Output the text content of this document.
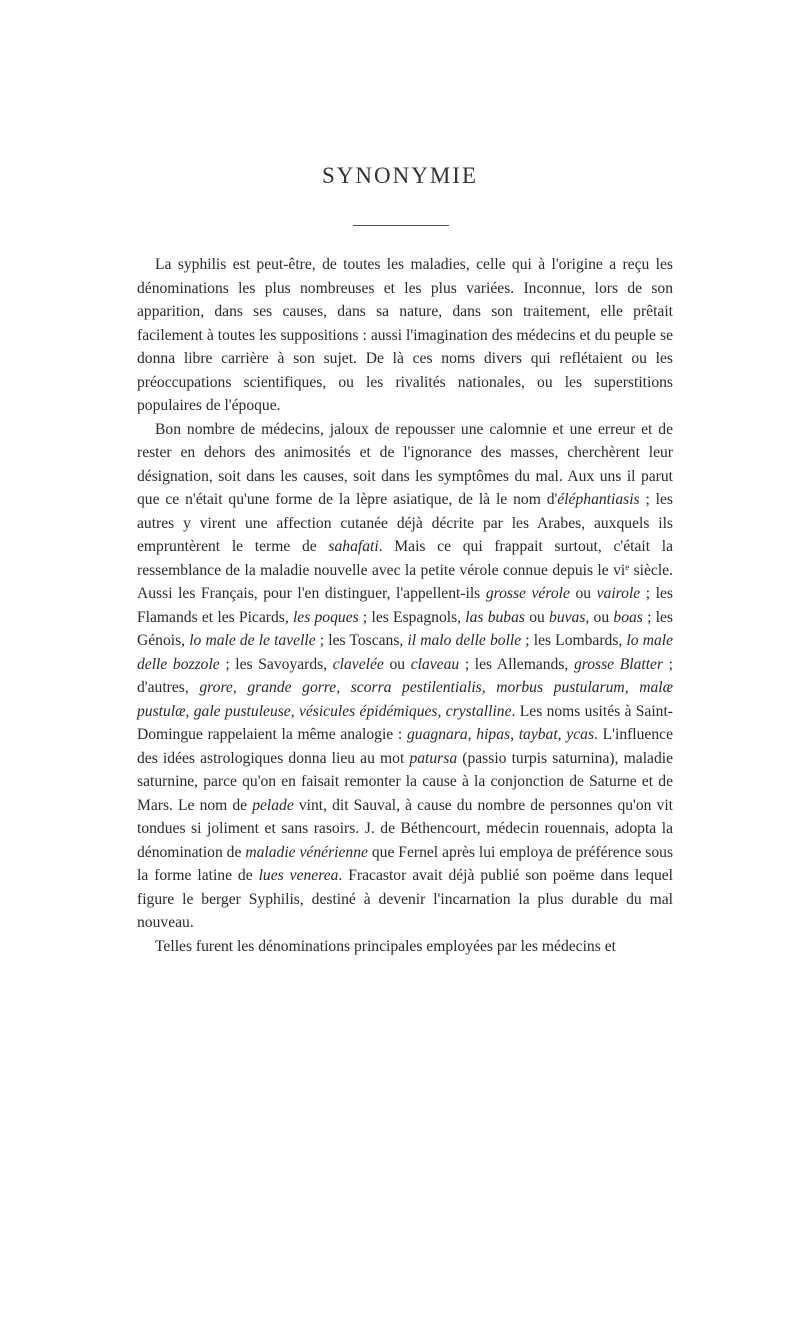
SYNONYMIE

La syphilis est peut-être, de toutes les maladies, celle qui à l'origine a reçu les dénominations les plus nombreuses et les plus variées. Inconnue, lors de son apparition, dans ses causes, dans sa nature, dans son traitement, elle prêtait facilement à toutes les suppositions : aussi l'imagination des médecins et du peuple se donna libre carrière à son sujet. De là ces noms divers qui reflétaient ou les préoccupations scientifiques, ou les rivalités nationales, ou les superstitions populaires de l'époque.

Bon nombre de médecins, jaloux de repousser une calomnie et une erreur et de rester en dehors des animosités et de l'ignorance des masses, cherchèrent leur désignation, soit dans les causes, soit dans les symptômes du mal. Aux uns il parut que ce n'était qu'une forme de la lèpre asiatique, de là le nom d'éléphantiasis ; les autres y virent une affection cutanée déjà décrite par les Arabes, auxquels ils empruntèrent le terme de sahafati. Mais ce qui frappait surtout, c'était la ressemblance de la maladie nouvelle avec la petite vérole connue depuis le $vi^e$ siècle. Aussi les Français, pour l'en distinguer, l'appellent-ils grosse vérole ou vairole ; les Flamands et les Picards, les poques ; les Espagnols, las bubas ou buvas, ou boas ; les Génois, lo male de le tavelle ; les Toscans, il malo delle bolle ; les Lombards, lo male delle bozzole ; les Savoyards, clavelée ou claveau ; les Allemands, grosse Blatter ; d'autres, grore, grande gorre, scorra pestilentialis, morbus pustularum, malæ pustulæ, gale pustuleuse, vésicules épidémiques, crystalline. Les noms usités à Saint-Domingue rappelaient la même analogie : guagnara, hipas, taybat, ycas. L'influence des idées astrologiques donna lieu au mot patursa (passio turpis saturnina), maladie saturnine, parce qu'on en faisait remonter la cause à la conjonction de Saturne et de Mars. Le nom de pelade vint, dit Sauval, à cause du nombre de personnes qu'on vit tondues si joliment et sans rasoirs. J. de Béthencourt, médecin rouennais, adopta la dénomination de maladie vénérienne que Fernel après lui employa de préférence sous la forme latine de lues venerea. Fracastor avait déjà publié son poëme dans lequel figure le berger Syphilis, destiné à devenir l'incarnation la plus durable du mal nouveau.

Telles furent les dénominations principales employées par les médecins et
